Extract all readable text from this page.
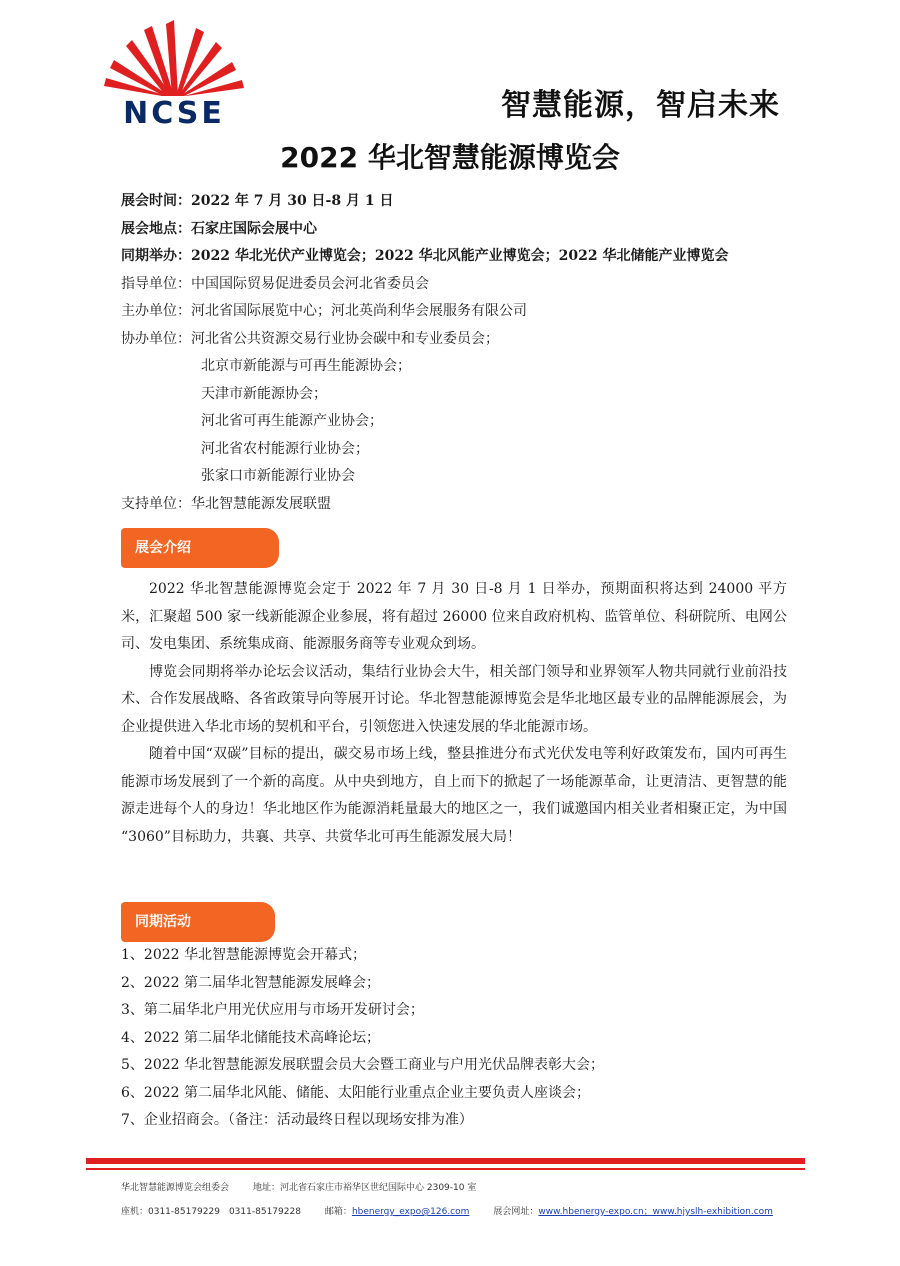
NCSE	智慧能源，智启未来
2022 华北智慧能源博览会
展会时间：2022 年 7 月 30 日-8 月 1 日
展会地点：石家庄国际会展中心
同期举办：2022 华北光伏产业博览会；2022 华北风能产业博览会；2022 华北储能产业博览会
指导单位：中国国际贸易促进委员会河北省委员会
主办单位：河北省国际展览中心；河北英尚利华会展服务有限公司
协办单位：河北省公共资源交易行业协会碳中和专业委员会；
北京市新能源与可再生能源协会；
天津市新能源协会；
河北省可再生能源产业协会；
河北省农村能源行业协会；
张家口市新能源行业协会
支持单位：华北智慧能源发展联盟
展会介绍

2022 华北智慧能源博览会定于 2022 年 7 月 30 日-8 月 1 日举办，预期面积将达到 24000 平方米，汇聚超 500 家一线新能源企业参展，将有超过 26000 位来自政府机构、监管单位、科研院所、电网公司、发电集团、系统集成商、能源服务商等专业观众到场。

博览会同期将举办论坛会议活动，集结行业协会大牛，相关部门领导和业界领军人物共同就行业前沿技术、合作发展战略、各省政策导向等展开讨论。华北智慧能源博览会是华北地区最专业的品牌能源展会，为企业提供进入华北市场的契机和平台，引领您进入快速发展的华北能源市场。

随着中国“双碳”目标的提出，碳交易市场上线，整县推进分布式光伏发电等利好政策发布，国内可再生能源市场发展到了一个新的高度。从中央到地方，自上而下的掀起了一场能源革命，让更清洁、更智慧的能源走进每个人的身边！华北地区作为能源消耗量最大的地区之一，我们诚邀国内相关业者相聚正定，为中国 “3060”目标助力，共襄、共享、共赏华北可再生能源发展大局！

同期活动
1、2022 华北智慧能源博览会开幕式；
2、2022 第二届华北智慧能源发展峰会；
3、第二届华北户用光伏应用与市场开发研讨会；
4、2022 第二届华北储能技术高峰论坛；
5、2022 华北智慧能源发展联盟会员大会暨工商业与户用光伏品牌表彰大会；
6、2022 第二届华北风能、储能、太阳能行业重点企业主要负责人座谈会；
7、企业招商会。（备注：活动最终日程以现场安排为准）
华北智慧能源博览会组委会	地址：河北省石家庄市裕华区世纪国际中心 2309-10 室
座机：0311-85179229　0311-85179228	邮箱：hbenergy_expo@126.com	展会网址：www.hbenergy-expo.cn；www.hjyslh-exhibition.com
